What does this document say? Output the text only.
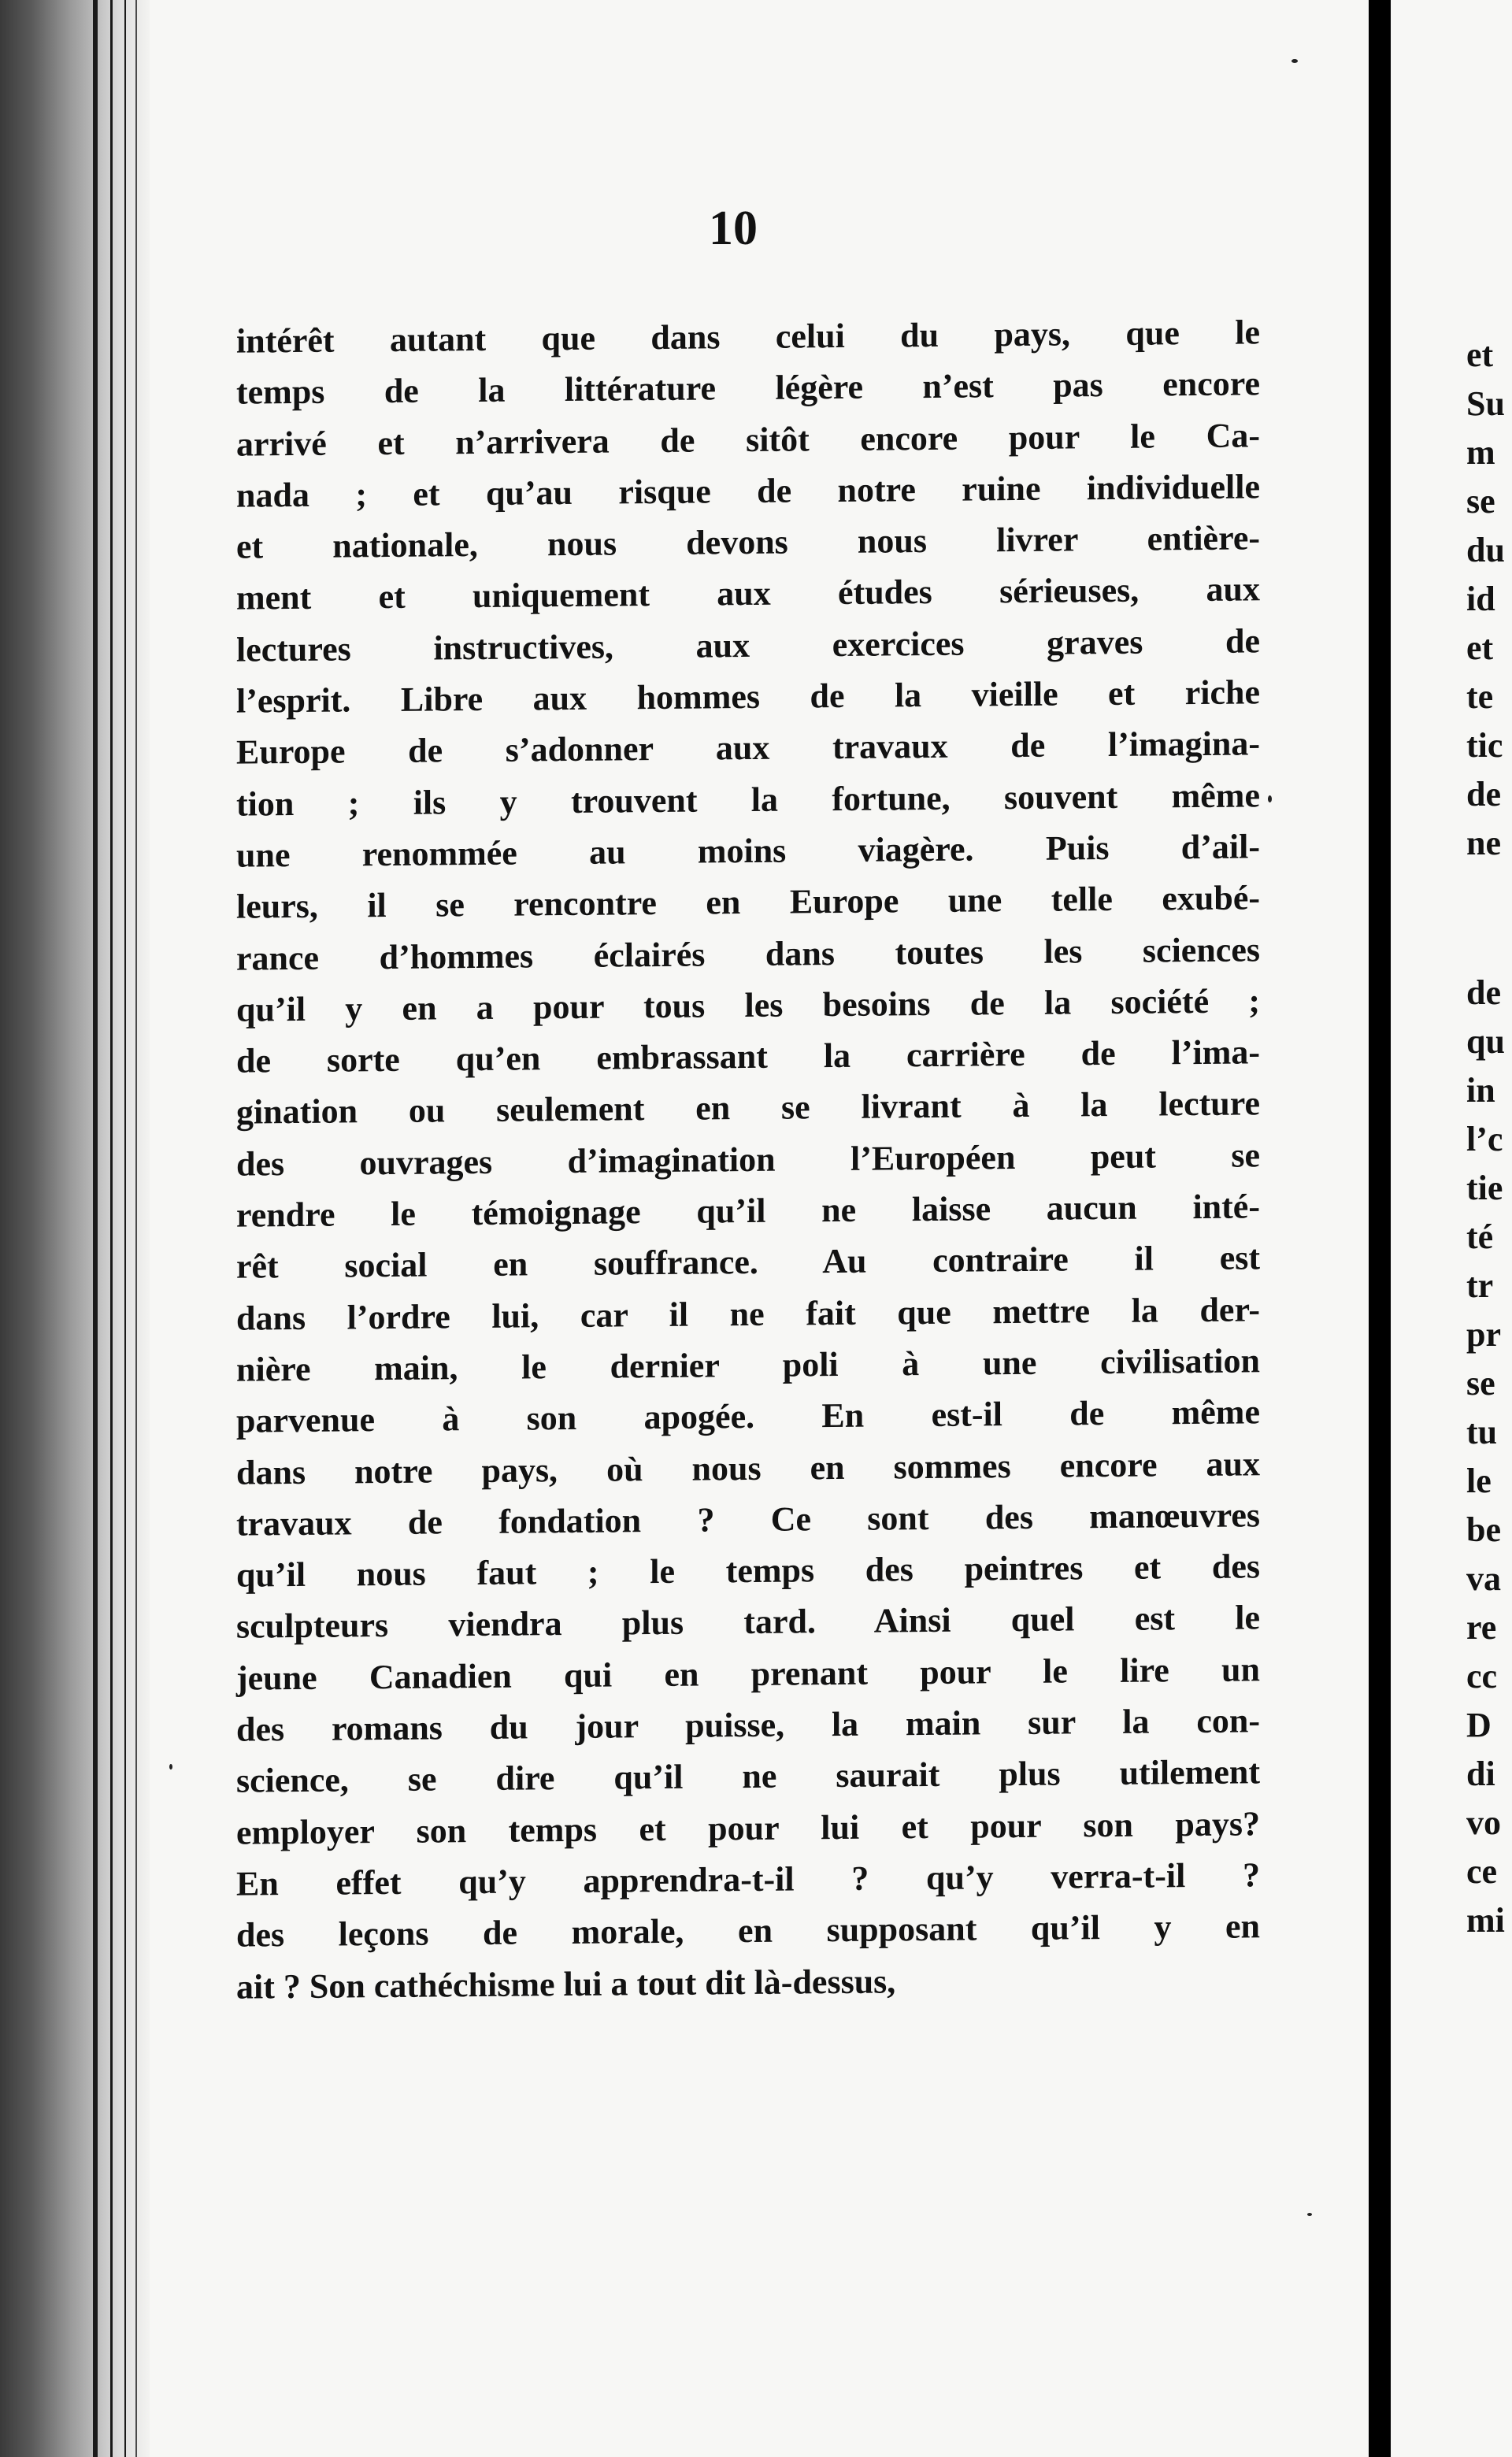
10
intérêt autant que dans celui du pays, que le
temps de la littérature légère n’est pas encore
arrivé et n’arrivera de sitôt encore pour le Ca-
nada ; et qu’au risque de notre ruine individuelle
et nationale, nous devons nous livrer entière-
ment et uniquement aux études sérieuses, aux
lectures instructives, aux exercices graves de
l’esprit. Libre aux hommes de la vieille et riche
Europe de s’adonner aux travaux de l’imagina-
tion ; ils y trouvent la fortune, souvent même
une renommée au moins viagère. Puis d’ail-
leurs, il se rencontre en Europe une telle exubé-
rance d’hommes éclairés dans toutes les sciences
qu’il y en a pour tous les besoins de la société ;
de sorte qu’en embrassant la carrière de l’ima-
gination ou seulement en se livrant à la lecture
des ouvrages d’imagination l’Européen peut se
rendre le témoignage qu’il ne laisse aucun inté-
rêt social en souffrance. Au contraire il est
dans l’ordre lui, car il ne fait que mettre la der-
nière main, le dernier poli à une civilisation
parvenue à son apogée. En est-il de même
dans notre pays, où nous en sommes encore aux
travaux de fondation ? Ce sont des manœuvres
qu’il nous faut ; le temps des peintres et des
sculpteurs viendra plus tard. Ainsi quel est le
jeune Canadien qui en prenant pour le lire un
des romans du jour puisse, la main sur la con-
science, se dire qu’il ne saurait plus utilement
employer son temps et pour lui et pour son pays?
En effet qu’y apprendra-t-il ? qu’y verra-t-il ?
des leçons de morale, en supposant qu’il y en
ait ? Son cathéchisme lui a tout dit là-dessus,
et
Su
m
se
du
id
et
te
tic
de
ne
de
qu
in
l’c
tie
té
tr
pr
se
tu
le
be
va
re
cc
D
di
vo
ce
mi
